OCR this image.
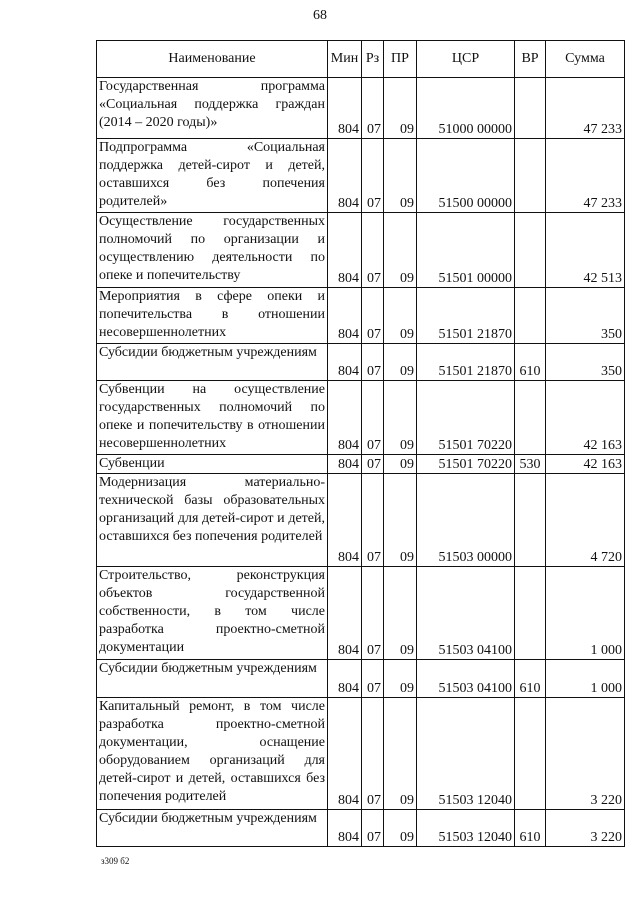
68
Наименование	Мин	Рз	ПР	ЦСР	ВР	Сумма
Государственная программа «Социальная поддержка граждан (2014 – 2020 годы)»	804	07	09	51000 00000		47 233
Подпрограмма «Социальная поддержка детей-сирот и детей, оставшихся без попечения родителей»	804	07	09	51500 00000		47 233
Осуществление государственных полномочий по организации и осуществлению деятельности по опеке и попечительству	804	07	09	51501 00000		42 513
Мероприятия в сфере опеки и попечительства в отношении несовершеннолетних	804	07	09	51501 21870		350
Субсидии бюджетным учреждениям	804	07	09	51501 21870	610	350
Субвенции на осуществление государственных полномочий по опеке и попечительству в отношении несовершеннолетних	804	07	09	51501 70220		42 163
Субвенции	804	07	09	51501 70220	530	42 163
Модернизация материально-технической базы образовательных организаций для детей-сирот и детей, оставшихся без попечения родителей	804	07	09	51503 00000		4 720
Строительство, реконструкция объектов государственной собственности, в том числе разработка проектно-сметной документации	804	07	09	51503 04100		1 000
Субсидии бюджетным учреждениям	804	07	09	51503 04100	610	1 000
Капитальный ремонт, в том числе разработка проектно-сметной документации, оснащение оборудованием организаций для детей-сирот и детей, оставшихся без попечения родителей	804	07	09	51503 12040		3 220
Субсидии бюджетным учреждениям	804	07	09	51503 12040	610	3 220
з309 б2
